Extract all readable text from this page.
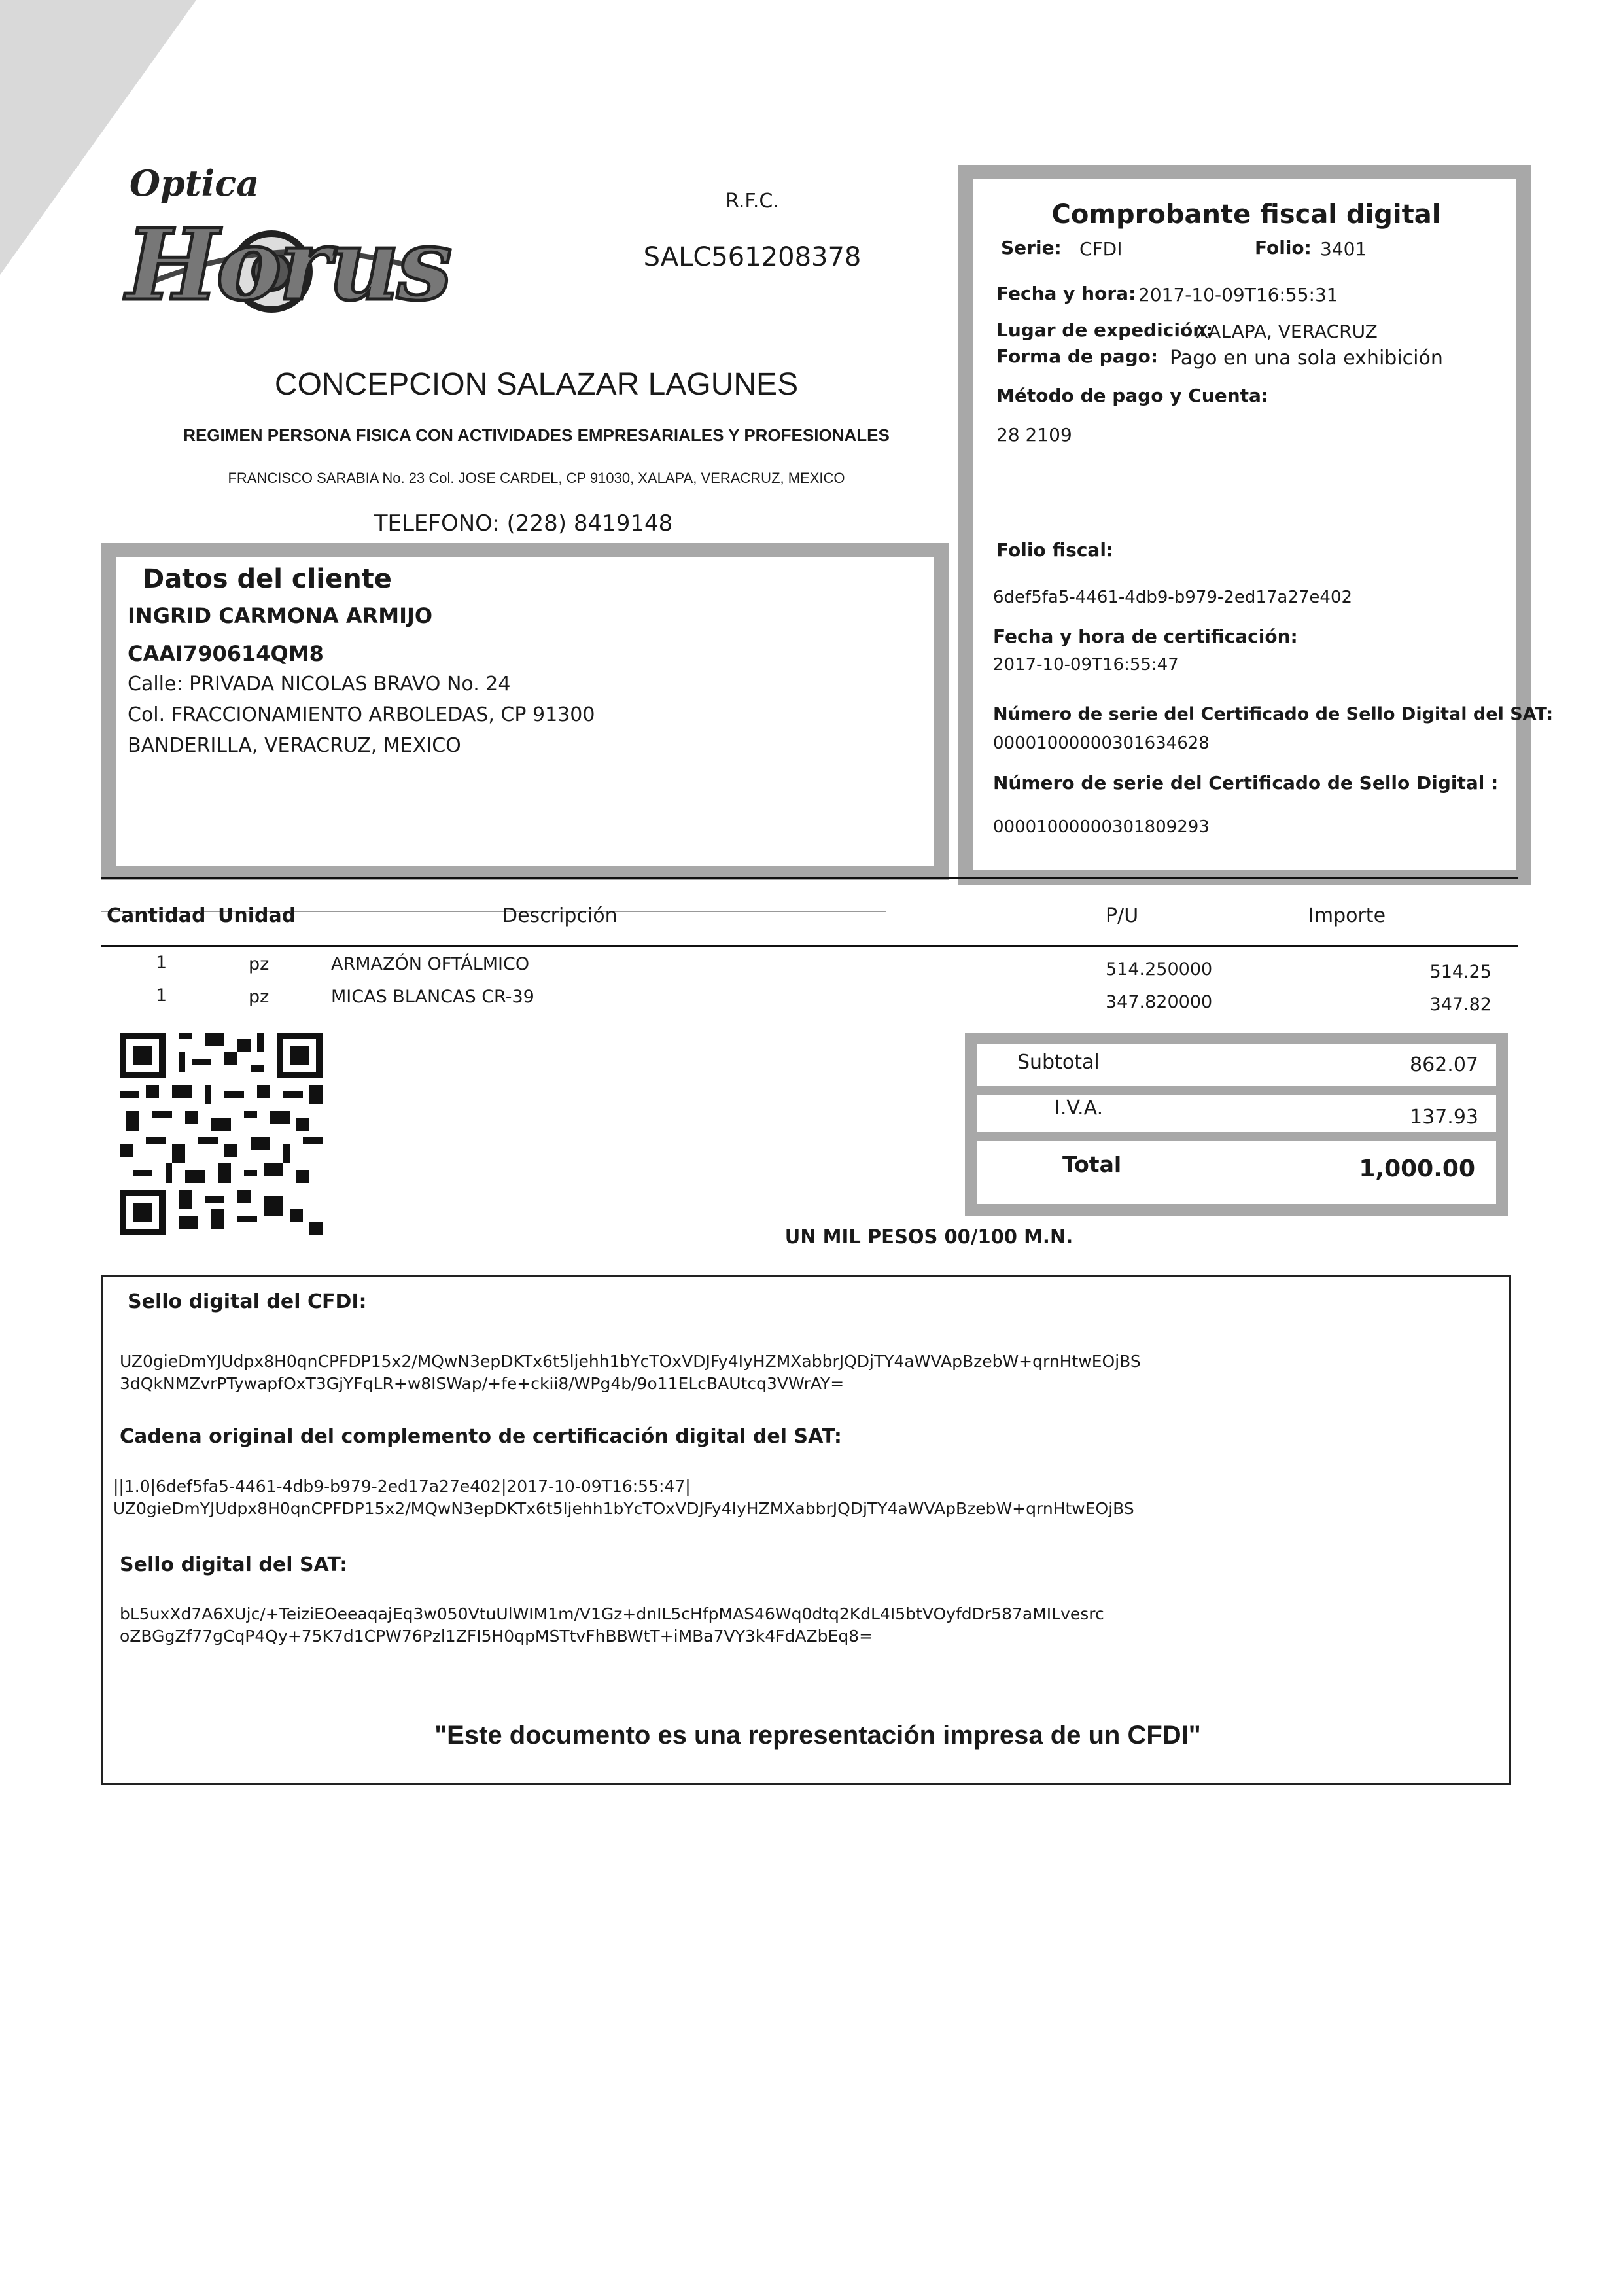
Optica
Horus
R.F.C.
SALC561208378
CONCEPCION SALAZAR LAGUNES
REGIMEN PERSONA FISICA CON ACTIVIDADES EMPRESARIALES Y PROFESIONALES
FRANCISCO SARABIA No. 23 Col. JOSE CARDEL, CP 91030, XALAPA, VERACRUZ, MEXICO
TELEFONO: (228) 8419148
Datos del cliente
INGRID CARMONA ARMIJO
CAAI790614QM8
Calle: PRIVADA NICOLAS BRAVO No. 24
Col. FRACCIONAMIENTO ARBOLEDAS, CP 91300
BANDERILLA, VERACRUZ, MEXICO
Comprobante fiscal digital
Serie: CFDI	Folio: 3401
Fecha y hora: 2017-10-09T16:55:31
Lugar de expedición:
XALAPA, VERACRUZ
Forma de pago: Pago en una sola exhibición
Método de pago y Cuenta:
28 2109
Folio fiscal:
6def5fa5-4461-4db9-b979-2ed17a27e402
Fecha y hora de certificación:
2017-10-09T16:55:47
Número de serie del Certificado de Sello Digital del SAT:
00001000000301634628
Número de serie del Certificado de Sello Digital :
00001000000301809293
Cantidad Unidad	Descripción	P/U	Importe
1	pz	ARMAZÓN OFTÁLMICO	514.250000	514.25
1	pz	MICAS BLANCAS CR-39	347.820000	347.82
Subtotal	862.07
I.V.A.	137.93
Total	1,000.00
UN MIL PESOS 00/100 M.N.
Sello digital del CFDI:
UZ0gieDmYJUdpx8H0qnCPFDP15x2/MQwN3epDKTx6t5ljehh1bYcTOxVDJFy4IyHZMXabbrJQDjTY4aWVApBzebW+qrnHtwEOjBS
3dQkNMZvrPTywapfOxT3GjYFqLR+w8ISWap/+fe+ckii8/WPg4b/9o11ELcBAUtcq3VWrAY=
Cadena original del complemento de certificación digital del SAT:
||1.0|6def5fa5-4461-4db9-b979-2ed17a27e402|2017-10-09T16:55:47|
UZ0gieDmYJUdpx8H0qnCPFDP15x2/MQwN3epDKTx6t5ljehh1bYcTOxVDJFy4IyHZMXabbrJQDjTY4aWVApBzebW+qrnHtwEOjBS
Sello digital del SAT:
bL5uxXd7A6XUjc/+TeiziEOeeaqajEq3w050VtuUlWIM1m/V1Gz+dnIL5cHfpMAS46Wq0dtq2KdL4I5btVOyfdDr587aMILvesrc
oZBGgZf77gCqP4Qy+75K7d1CPW76Pzl1ZFI5H0qpMSTtvFhBBWtT+iMBa7VY3k4FdAZbEq8=
"Este documento es una representación impresa de un CFDI"
